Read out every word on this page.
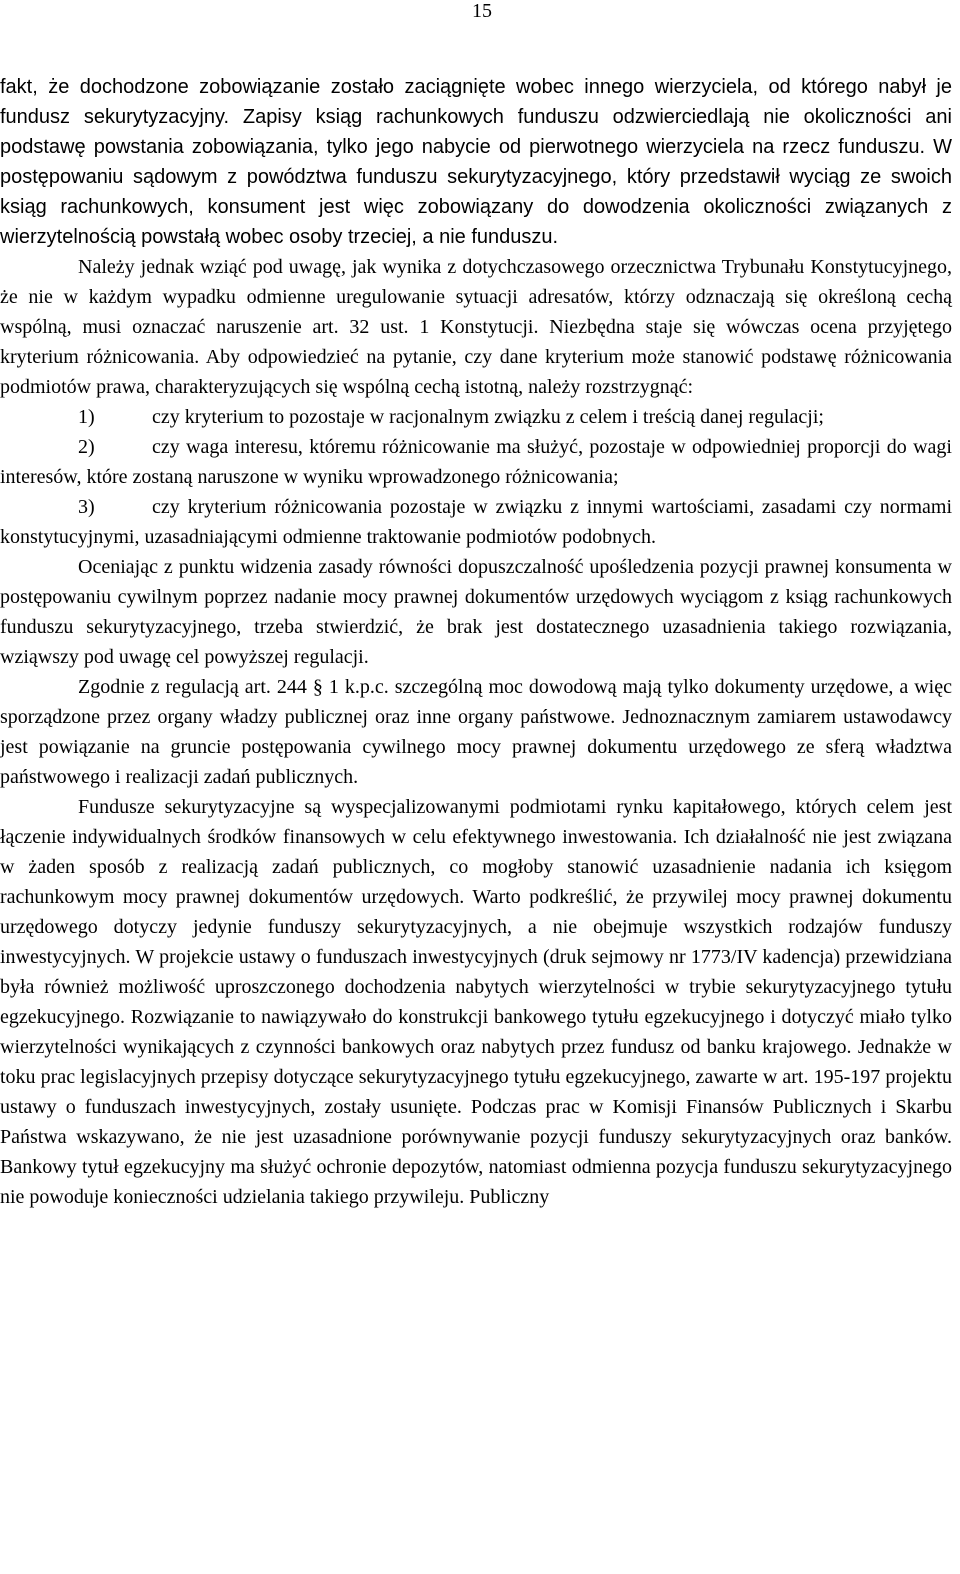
15

fakt, że dochodzone zobowiązanie zostało zaciągnięte wobec innego wierzyciela, od którego nabył je fundusz sekurytyzacyjny. Zapisy ksiąg rachunkowych funduszu odzwierciedlają nie okoliczności ani podstawę powstania zobowiązania, tylko jego nabycie od pierwotnego wierzyciela na rzecz funduszu. W postępowaniu sądowym z powództwa funduszu sekurytyzacyjnego, który przedstawił wyciąg ze swoich ksiąg rachunkowych, konsument jest więc zobowiązany do dowodzenia okoliczności związanych z wierzytelnością powstałą wobec osoby trzeciej, a nie funduszu.

Należy jednak wziąć pod uwagę, jak wynika z dotychczasowego orzecznictwa Trybunału Konstytucyjnego, że nie w każdym wypadku odmienne uregulowanie sytuacji adresatów, którzy odznaczają się określoną cechą wspólną, musi oznaczać naruszenie art. 32 ust. 1 Konstytucji. Niezbędna staje się wówczas ocena przyjętego kryterium różnicowania. Aby odpowiedzieć na pytanie, czy dane kryterium może stanowić podstawę różnicowania podmiotów prawa, charakteryzujących się wspólną cechą istotną, należy rozstrzygnąć:

1)	czy kryterium to pozostaje w racjonalnym związku z celem i treścią danej regulacji;

2)	czy waga interesu, któremu różnicowanie ma służyć, pozostaje w odpowiedniej proporcji do wagi interesów, które zostaną naruszone w wyniku wprowadzonego różnicowania;

3)	czy kryterium różnicowania pozostaje w związku z innymi wartościami, zasadami czy normami konstytucyjnymi, uzasadniającymi odmienne traktowanie podmiotów podobnych.

Oceniając z punktu widzenia zasady równości dopuszczalność upośledzenia pozycji prawnej konsumenta w postępowaniu cywilnym poprzez nadanie mocy prawnej dokumentów urzędowych wyciągom z ksiąg rachunkowych funduszu sekurytyzacyjnego, trzeba stwierdzić, że brak jest dostatecznego uzasadnienia takiego rozwiązania, wziąwszy pod uwagę cel powyższej regulacji.

Zgodnie z regulacją art. 244 § 1 k.p.c. szczególną moc dowodową mają tylko dokumenty urzędowe, a więc sporządzone przez organy władzy publicznej oraz inne organy państwowe. Jednoznacznym zamiarem ustawodawcy jest powiązanie na gruncie postępowania cywilnego mocy prawnej dokumentu urzędowego ze sferą władztwa państwowego i realizacji zadań publicznych.

Fundusze sekurytyzacyjne są wyspecjalizowanymi podmiotami rynku kapitałowego, których celem jest łączenie indywidualnych środków finansowych w celu efektywnego inwestowania. Ich działalność nie jest związana w żaden sposób z realizacją zadań publicznych, co mogłoby stanowić uzasadnienie nadania ich księgom rachunkowym mocy prawnej dokumentów urzędowych. Warto podkreślić, że przywilej mocy prawnej dokumentu urzędowego dotyczy jedynie funduszy sekurytyzacyjnych, a nie obejmuje wszystkich rodzajów funduszy inwestycyjnych. W projekcie ustawy o funduszach inwestycyjnych (druk sejmowy nr 1773/IV kadencja) przewidziana była również możliwość uproszczonego dochodzenia nabytych wierzytelności w trybie sekurytyzacyjnego tytułu egzekucyjnego. Rozwiązanie to nawiązywało do konstrukcji bankowego tytułu egzekucyjnego i dotyczyć miało tylko wierzytelności wynikających z czynności bankowych oraz nabytych przez fundusz od banku krajowego. Jednakże w toku prac legislacyjnych przepisy dotyczące sekurytyzacyjnego tytułu egzekucyjnego, zawarte w art. 195-197 projektu ustawy o funduszach inwestycyjnych, zostały usunięte. Podczas prac w Komisji Finansów Publicznych i Skarbu Państwa wskazywano, że nie jest uzasadnione porównywanie pozycji funduszy sekurytyzacyjnych oraz banków. Bankowy tytuł egzekucyjny ma służyć ochronie depozytów, natomiast odmienna pozycja funduszu sekurytyzacyjnego nie powoduje konieczności udzielania takiego przywileju. Publiczny
